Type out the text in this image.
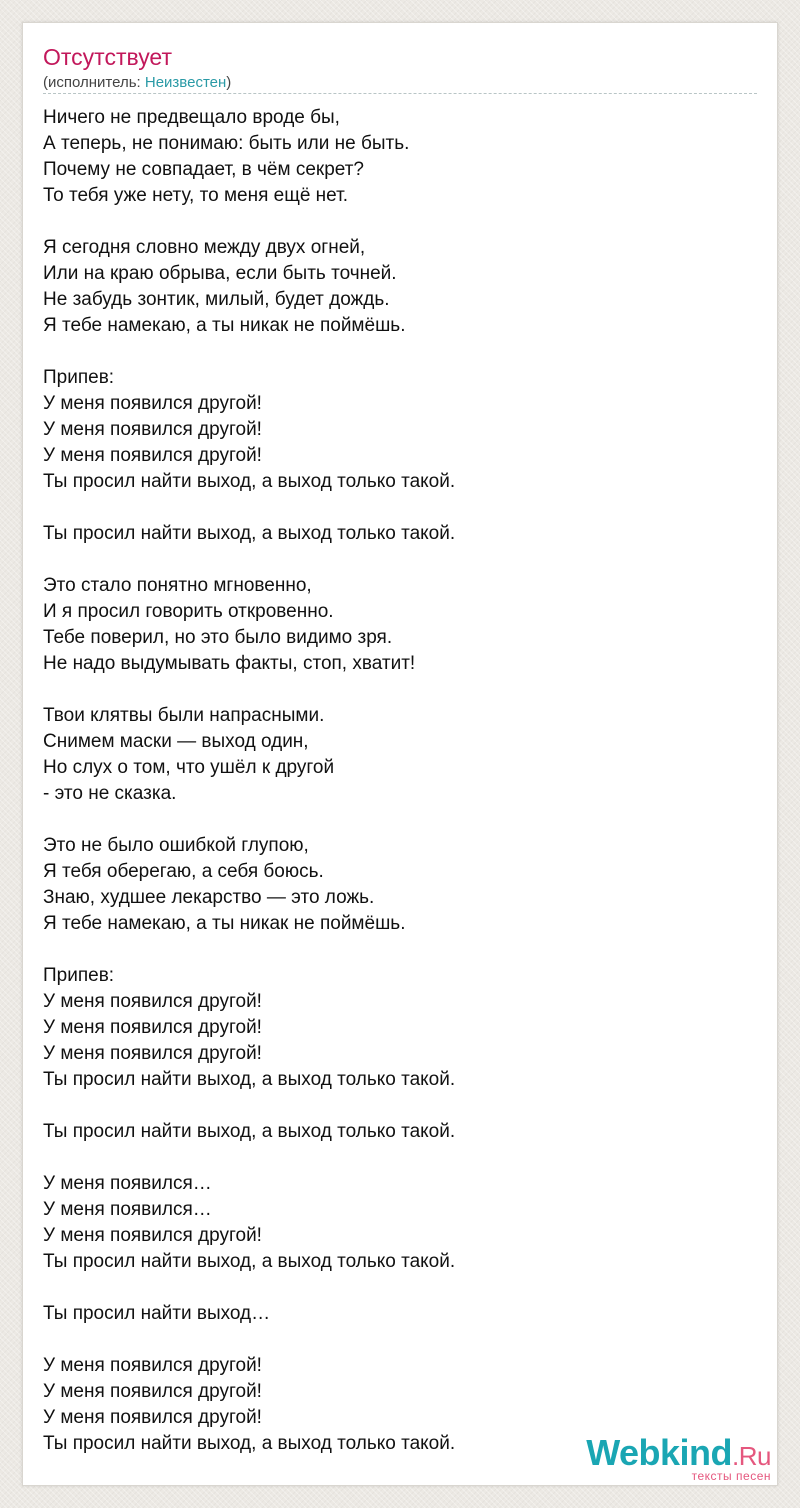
Отсутствует
(исполнитель: Неизвестен)
Ничего не предвещало вроде бы,
А теперь, не понимаю: быть или не быть.
Почему не совпадает, в чём секрет?
То тебя уже нету, то меня ещё нет.
Я сегодня словно между двух огней,
Или на краю обрыва, если быть точней.
Не забудь зонтик, милый, будет дождь.
Я тебе намекаю, а ты никак не поймёшь.
Припев:
У меня появился другой!
У меня появился другой!
У меня появился другой!
Ты просил найти выход, а выход только такой.
Ты просил найти выход, а выход только такой.
Это стало понятно мгновенно,
И я просил говорить откровенно.
Тебе поверил, но это было видимо зря.
Не надо выдумывать факты, стоп, хватит!
Твои клятвы были напрасными.
Снимем маски — выход один,
Но слух о том, что ушёл к другой
- это не сказка.
Это не было ошибкой глупою,
Я тебя оберегаю, а себя боюсь.
Знаю, худшее лекарство — это ложь.
Я тебе намекаю, а ты никак не поймёшь.
Припев:
У меня появился другой!
У меня появился другой!
У меня появился другой!
Ты просил найти выход, а выход только такой.
Ты просил найти выход, а выход только такой.
У меня появился…
У меня появился…
У меня появился другой!
Ты просил найти выход, а выход только такой.
Ты просил найти выход…
У меня появился другой!
У меня появился другой!
У меня появился другой!
Ты просил найти выход, а выход только такой.	Webkind.Ru
тексты песен
